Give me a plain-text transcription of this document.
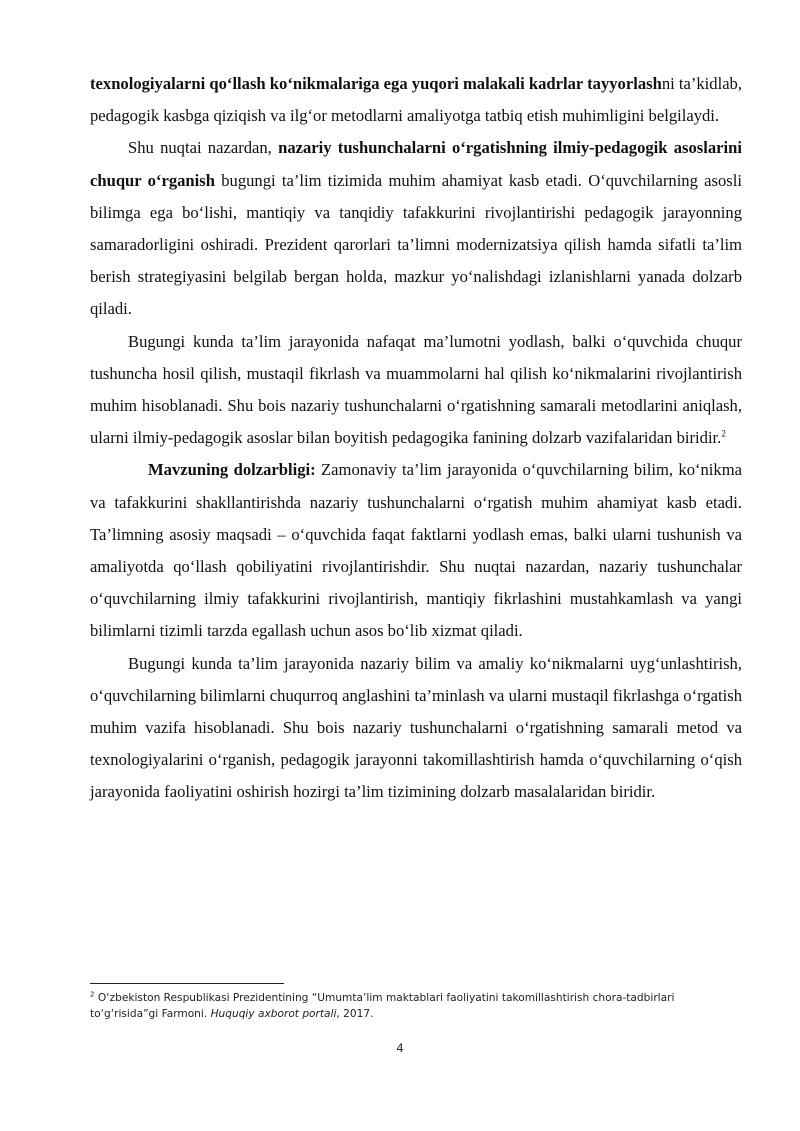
texnologiyalarni qo‘llash ko‘nikmalariga ega yuqori malakali kadrlar tayyorlashni ta’kidlab, pedagogik kasbga qiziqish va ilg‘or metodlarni amaliyotga tatbiq etish muhimligini belgilaydi.

Shu nuqtai nazardan, nazariy tushunchalarni o‘rgatishning ilmiy-pedagogik asoslarini chuqur o‘rganish bugungi ta’lim tizimida muhim ahamiyat kasb etadi. O‘quvchilarning asosli bilimga ega bo‘lishi, mantiqiy va tanqidiy tafakkurini rivojlantirishi pedagogik jarayonning samaradorligini oshiradi. Prezident qarorlari ta’limni modernizatsiya qilish hamda sifatli ta’lim berish strategiyasini belgilab bergan holda, mazkur yo‘nalishdagi izlanishlarni yanada dolzarb qiladi.

Bugungi kunda ta’lim jarayonida nafaqat ma’lumotni yodlash, balki o‘quvchida chuqur tushuncha hosil qilish, mustaqil fikrlash va muammolarni hal qilish ko‘nikmalarini rivojlantirish muhim hisoblanadi. Shu bois nazariy tushunchalarni o‘rgatishning samarali metodlarini aniqlash, ularni ilmiy-pedagogik asoslar bilan boyitish pedagogika fanining dolzarb vazifalaridan biridir.$^2$

Mavzuning dolzarbligi: Zamonaviy ta’lim jarayonida o‘quvchilarning bilim, ko‘nikma va tafakkurini shakllantirishda nazariy tushunchalarni o‘rgatish muhim ahamiyat kasb etadi. Ta’limning asosiy maqsadi – o‘quvchida faqat faktlarni yodlash emas, balki ularni tushunish va amaliyotda qo‘llash qobiliyatini rivojlantirishdir. Shu nuqtai nazardan, nazariy tushunchalar o‘quvchilarning ilmiy tafakkurini rivojlantirish, mantiqiy fikrlashini mustahkamlash va yangi bilimlarni tizimli tarzda egallash uchun asos bo‘lib xizmat qiladi.

Bugungi kunda ta’lim jarayonida nazariy bilim va amaliy ko‘nikmalarni uyg‘unlashtirish, o‘quvchilarning bilimlarni chuqurroq anglashini ta’minlash va ularni mustaqil fikrlashga o‘rgatish muhim vazifa hisoblanadi. Shu bois nazariy tushunchalarni o‘rgatishning samarali metod va texnologiyalarini o‘rganish, pedagogik jarayonni takomillashtirish hamda o‘quvchilarning o‘qish jarayonida faoliyatini oshirish hozirgi ta’lim tizimining dolzarb masalalaridan biridir.

$^2$ O‘zbekiston Respublikasi Prezidentining “Umumta’lim maktablari faoliyatini takomillashtirish chora-tadbirlari to‘g‘risida”gi Farmoni. Huquqiy axborot portali, 2017.
4
